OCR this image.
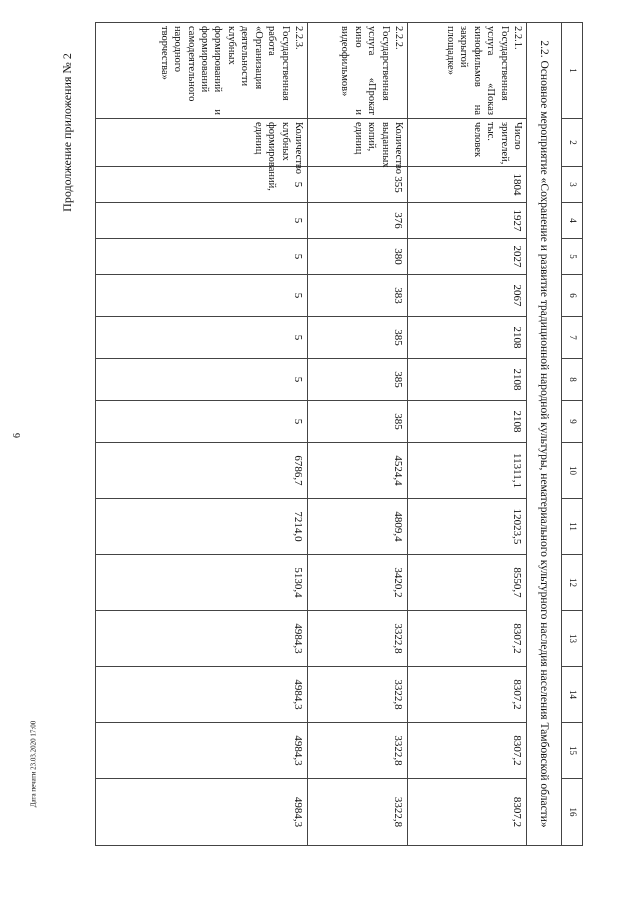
6
Продолжение приложения № 2
Дата печати 23.03.2020 17:00
1	2	3	4	5	6	7	8	9	10	11	12	13	14	15	16
2.2. Основное мероприятие «Сохранение и развитие традиционной народной культуры, нематериального культурного наследия населения Тамбовской области»															
2.2.1. Государственная услуга «Показ кинофильмов на закрытой площадке»	Число зрителей, тыс. человек	1804	1927	2027	2067	2108	2108	2108	11311,1	12023,5	8550,7	8307,2	8307,2	8307,2	8307,2
2.2.2. Государственная услуга «Прокат кино и видеофильмов»	Количество выданных копий, единиц	355	376	380	383	385	385	385	4524,4	4809,4	3420,2	3322,8	3322,8	3322,8	3322,8
2.2.3. Государственная работа «Организация деятельности клубных формирований и формирований самодеятельного народного творчества»	Количество клубных формирований, единиц	5	5	5	5	5	5	5	6786,7	7214,0	5130,4	4984,3	4984,3	4984,3	4984,3
